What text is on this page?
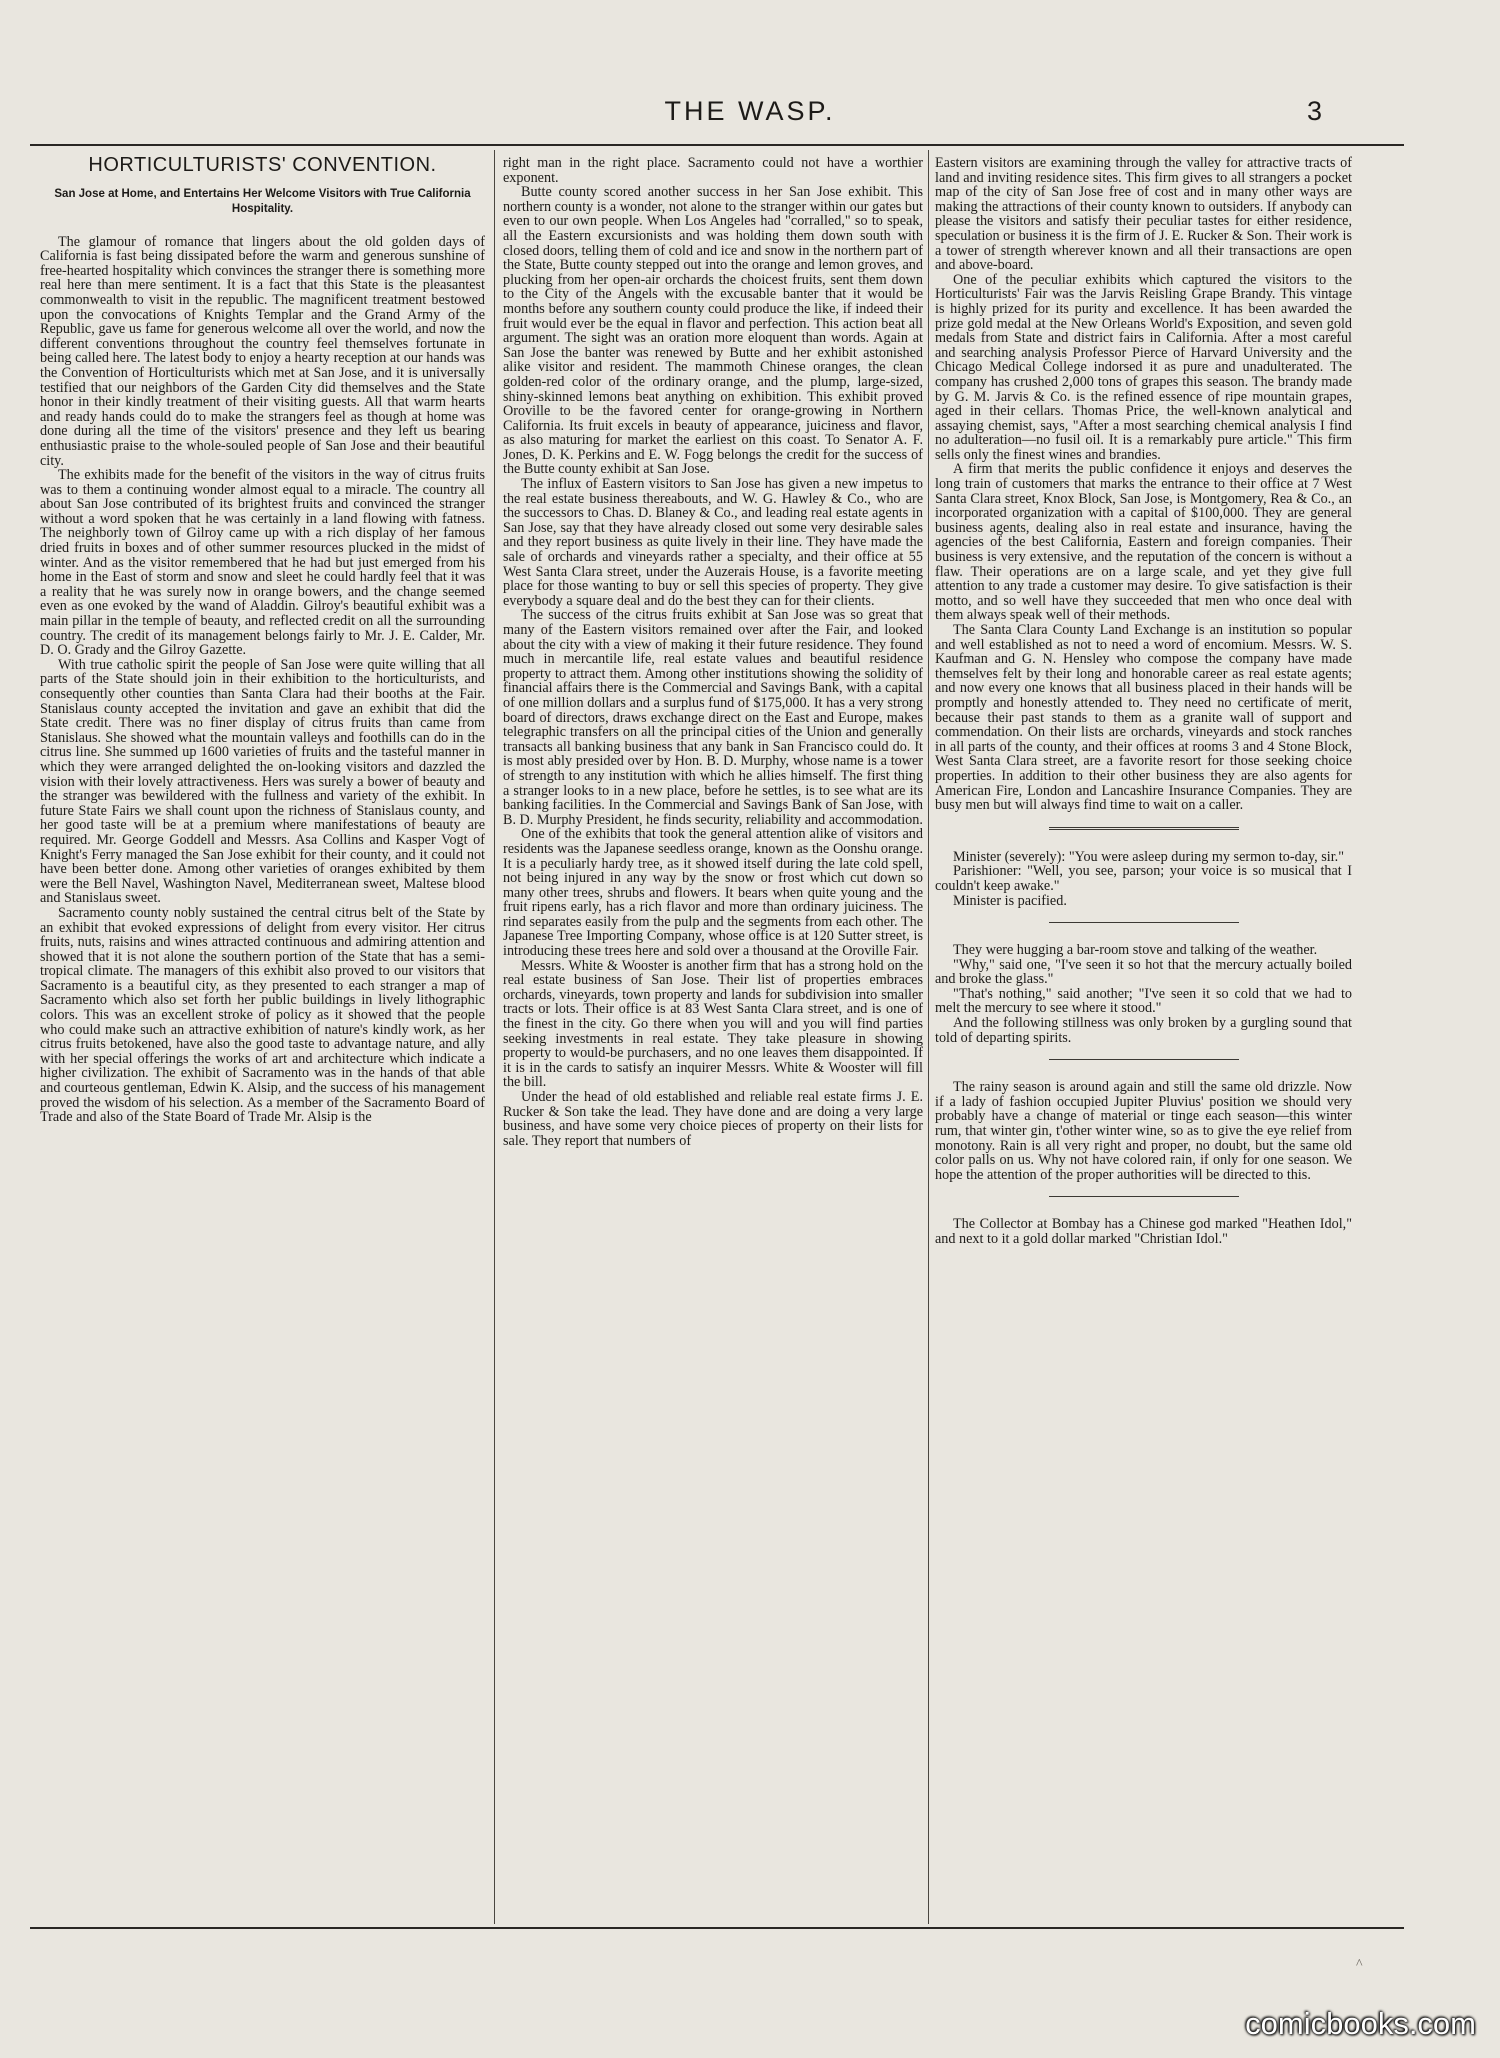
THE WASP.	3
HORTICULTURISTS' CONVENTION.
San Jose at Home, and Entertains Her Welcome Visitors with True California Hospitality.

The glamour of romance that lingers about the old golden days of California is fast being dissipated before the warm and generous sunshine of free-hearted hospitality which convinces the stranger there is something more real here than mere sentiment. It is a fact that this State is the pleasantest commonwealth to visit in the republic. The magnificent treatment bestowed upon the convocations of Knights Templar and the Grand Army of the Republic, gave us fame for generous welcome all over the world, and now the different conventions throughout the country feel themselves fortunate in being called here. The latest body to enjoy a hearty reception at our hands was the Convention of Horticulturists which met at San Jose, and it is universally testified that our neighbors of the Garden City did themselves and the State honor in their kindly treatment of their visiting guests. All that warm hearts and ready hands could do to make the strangers feel as though at home was done during all the time of the visitors' presence and they left us bearing enthusiastic praise to the whole-souled people of San Jose and their beautiful city.

The exhibits made for the benefit of the visitors in the way of citrus fruits was to them a continuing wonder almost equal to a miracle. The country all about San Jose contributed of its brightest fruits and convinced the stranger without a word spoken that he was certainly in a land flowing with fatness. The neighborly town of Gilroy came up with a rich display of her famous dried fruits in boxes and of other summer resources plucked in the midst of winter. And as the visitor remembered that he had but just emerged from his home in the East of storm and snow and sleet he could hardly feel that it was a reality that he was surely now in orange bowers, and the change seemed even as one evoked by the wand of Aladdin. Gilroy's beautiful exhibit was a main pillar in the temple of beauty, and reflected credit on all the surrounding country. The credit of its management belongs fairly to Mr. J. E. Calder, Mr. D. O. Grady and the Gilroy Gazette.

With true catholic spirit the people of San Jose were quite willing that all parts of the State should join in their exhibition to the horticulturists, and consequently other counties than Santa Clara had their booths at the Fair. Stanislaus county accepted the invitation and gave an exhibit that did the State credit. There was no finer display of citrus fruits than came from Stanislaus. She showed what the mountain valleys and foothills can do in the citrus line. She summed up 1600 varieties of fruits and the tasteful manner in which they were arranged delighted the on-looking visitors and dazzled the vision with their lovely attractiveness. Hers was surely a bower of beauty and the stranger was bewildered with the fullness and variety of the exhibit. In future State Fairs we shall count upon the richness of Stanislaus county, and her good taste will be at a premium where manifestations of beauty are required. Mr. George Goddell and Messrs. Asa Collins and Kasper Vogt of Knight's Ferry managed the San Jose exhibit for their county, and it could not have been better done. Among other varieties of oranges exhibited by them were the Bell Navel, Washington Navel, Mediterranean sweet, Maltese blood and Stanislaus sweet.

Sacramento county nobly sustained the central citrus belt of the State by an exhibit that evoked expressions of delight from every visitor. Her citrus fruits, nuts, raisins and wines attracted continuous and admiring attention and showed that it is not alone the southern portion of the State that has a semi-tropical climate. The managers of this exhibit also proved to our visitors that Sacramento is a beautiful city, as they presented to each stranger a map of Sacramento which also set forth her public buildings in lively lithographic colors. This was an excellent stroke of policy as it showed that the people who could make such an attractive exhibition of nature's kindly work, as her citrus fruits betokened, have also the good taste to advantage nature, and ally with her special offerings the works of art and architecture which indicate a higher civilization. The exhibit of Sacramento was in the hands of that able and courteous gentleman, Edwin K. Alsip, and the success of his management proved the wisdom of his selection. As a member of the Sacramento Board of Trade and also of the State Board of Trade Mr. Alsip is the

right man in the right place. Sacramento could not have a worthier exponent.

Butte county scored another success in her San Jose exhibit. This northern county is a wonder, not alone to the stranger within our gates but even to our own people. When Los Angeles had "corralled," so to speak, all the Eastern excursionists and was holding them down south with closed doors, telling them of cold and ice and snow in the northern part of the State, Butte county stepped out into the orange and lemon groves, and plucking from her open-air orchards the choicest fruits, sent them down to the City of the Angels with the excusable banter that it would be months before any southern county could produce the like, if indeed their fruit would ever be the equal in flavor and perfection. This action beat all argument. The sight was an oration more eloquent than words. Again at San Jose the banter was renewed by Butte and her exhibit astonished alike visitor and resident. The mammoth Chinese oranges, the clean golden-red color of the ordinary orange, and the plump, large-sized, shiny-skinned lemons beat anything on exhibition. This exhibit proved Oroville to be the favored center for orange-growing in Northern California. Its fruit excels in beauty of appearance, juiciness and flavor, as also maturing for market the earliest on this coast. To Senator A. F. Jones, D. K. Perkins and E. W. Fogg belongs the credit for the success of the Butte county exhibit at San Jose.

The influx of Eastern visitors to San Jose has given a new impetus to the real estate business thereabouts, and W. G. Hawley & Co., who are the successors to Chas. D. Blaney & Co., and leading real estate agents in San Jose, say that they have already closed out some very desirable sales and they report business as quite lively in their line. They have made the sale of orchards and vineyards rather a specialty, and their office at 55 West Santa Clara street, under the Auzerais House, is a favorite meeting place for those wanting to buy or sell this species of property. They give everybody a square deal and do the best they can for their clients.

The success of the citrus fruits exhibit at San Jose was so great that many of the Eastern visitors remained over after the Fair, and looked about the city with a view of making it their future residence. They found much in mercantile life, real estate values and beautiful residence property to attract them. Among other institutions showing the solidity of financial affairs there is the Commercial and Savings Bank, with a capital of one million dollars and a surplus fund of $175,000. It has a very strong board of directors, draws exchange direct on the East and Europe, makes telegraphic transfers on all the principal cities of the Union and generally transacts all banking business that any bank in San Francisco could do. It is most ably presided over by Hon. B. D. Murphy, whose name is a tower of strength to any institution with which he allies himself. The first thing a stranger looks to in a new place, before he settles, is to see what are its banking facilities. In the Commercial and Savings Bank of San Jose, with B. D. Murphy President, he finds security, reliability and accommodation.

One of the exhibits that took the general attention alike of visitors and residents was the Japanese seedless orange, known as the Oonshu orange. It is a peculiarly hardy tree, as it showed itself during the late cold spell, not being injured in any way by the snow or frost which cut down so many other trees, shrubs and flowers. It bears when quite young and the fruit ripens early, has a rich flavor and more than ordinary juiciness. The rind separates easily from the pulp and the segments from each other. The Japanese Tree Importing Company, whose office is at 120 Sutter street, is introducing these trees here and sold over a thousand at the Oroville Fair.

Messrs. White & Wooster is another firm that has a strong hold on the real estate business of San Jose. Their list of properties embraces orchards, vineyards, town property and lands for subdivision into smaller tracts or lots. Their office is at 83 West Santa Clara street, and is one of the finest in the city. Go there when you will and you will find parties seeking investments in real estate. They take pleasure in showing property to would-be purchasers, and no one leaves them disappointed. If it is in the cards to satisfy an inquirer Messrs. White & Wooster will fill the bill.

Under the head of old established and reliable real estate firms J. E. Rucker & Son take the lead. They have done and are doing a very large business, and have some very choice pieces of property on their lists for sale. They report that numbers of

Eastern visitors are examining through the valley for attractive tracts of land and inviting residence sites. This firm gives to all strangers a pocket map of the city of San Jose free of cost and in many other ways are making the attractions of their county known to outsiders. If anybody can please the visitors and satisfy their peculiar tastes for either residence, speculation or business it is the firm of J. E. Rucker & Son. Their work is a tower of strength wherever known and all their transactions are open and above-board.

One of the peculiar exhibits which captured the visitors to the Horticulturists' Fair was the Jarvis Reisling Grape Brandy. This vintage is highly prized for its purity and excellence. It has been awarded the prize gold medal at the New Orleans World's Exposition, and seven gold medals from State and district fairs in California. After a most careful and searching analysis Professor Pierce of Harvard University and the Chicago Medical College indorsed it as pure and unadulterated. The company has crushed 2,000 tons of grapes this season. The brandy made by G. M. Jarvis & Co. is the refined essence of ripe mountain grapes, aged in their cellars. Thomas Price, the well-known analytical and assaying chemist, says, "After a most searching chemical analysis I find no adulteration—no fusil oil. It is a remarkably pure article." This firm sells only the finest wines and brandies.

A firm that merits the public confidence it enjoys and deserves the long train of customers that marks the entrance to their office at 7 West Santa Clara street, Knox Block, San Jose, is Montgomery, Rea & Co., an incorporated organization with a capital of $100,000. They are general business agents, dealing also in real estate and insurance, having the agencies of the best California, Eastern and foreign companies. Their business is very extensive, and the reputation of the concern is without a flaw. Their operations are on a large scale, and yet they give full attention to any trade a customer may desire. To give satisfaction is their motto, and so well have they succeeded that men who once deal with them always speak well of their methods.

The Santa Clara County Land Exchange is an institution so popular and well established as not to need a word of encomium. Messrs. W. S. Kaufman and G. N. Hensley who compose the company have made themselves felt by their long and honorable career as real estate agents; and now every one knows that all business placed in their hands will be promptly and honestly attended to. They need no certificate of merit, because their past stands to them as a granite wall of support and commendation. On their lists are orchards, vineyards and stock ranches in all parts of the county, and their offices at rooms 3 and 4 Stone Block, West Santa Clara street, are a favorite resort for those seeking choice properties. In addition to their other business they are also agents for American Fire, London and Lancashire Insurance Companies. They are busy men but will always find time to wait on a caller.

Minister (severely): "You were asleep during my sermon to-day, sir."

Parishioner: "Well, you see, parson; your voice is so musical that I couldn't keep awake."

Minister is pacified.

They were hugging a bar-room stove and talking of the weather.

"Why," said one, "I've seen it so hot that the mercury actually boiled and broke the glass."

"That's nothing," said another; "I've seen it so cold that we had to melt the mercury to see where it stood."

And the following stillness was only broken by a gurgling sound that told of departing spirits.

The rainy season is around again and still the same old drizzle. Now if a lady of fashion occupied Jupiter Pluvius' position we should very probably have a change of material or tinge each season—this winter rum, that winter gin, t'other winter wine, so as to give the eye relief from monotony. Rain is all very right and proper, no doubt, but the same old color palls on us. Why not have colored rain, if only for one season. We hope the attention of the proper authorities will be directed to this.

The Collector at Bombay has a Chinese god marked "Heathen Idol," and next to it a gold dollar marked "Christian Idol."

^
comicbooks.com
